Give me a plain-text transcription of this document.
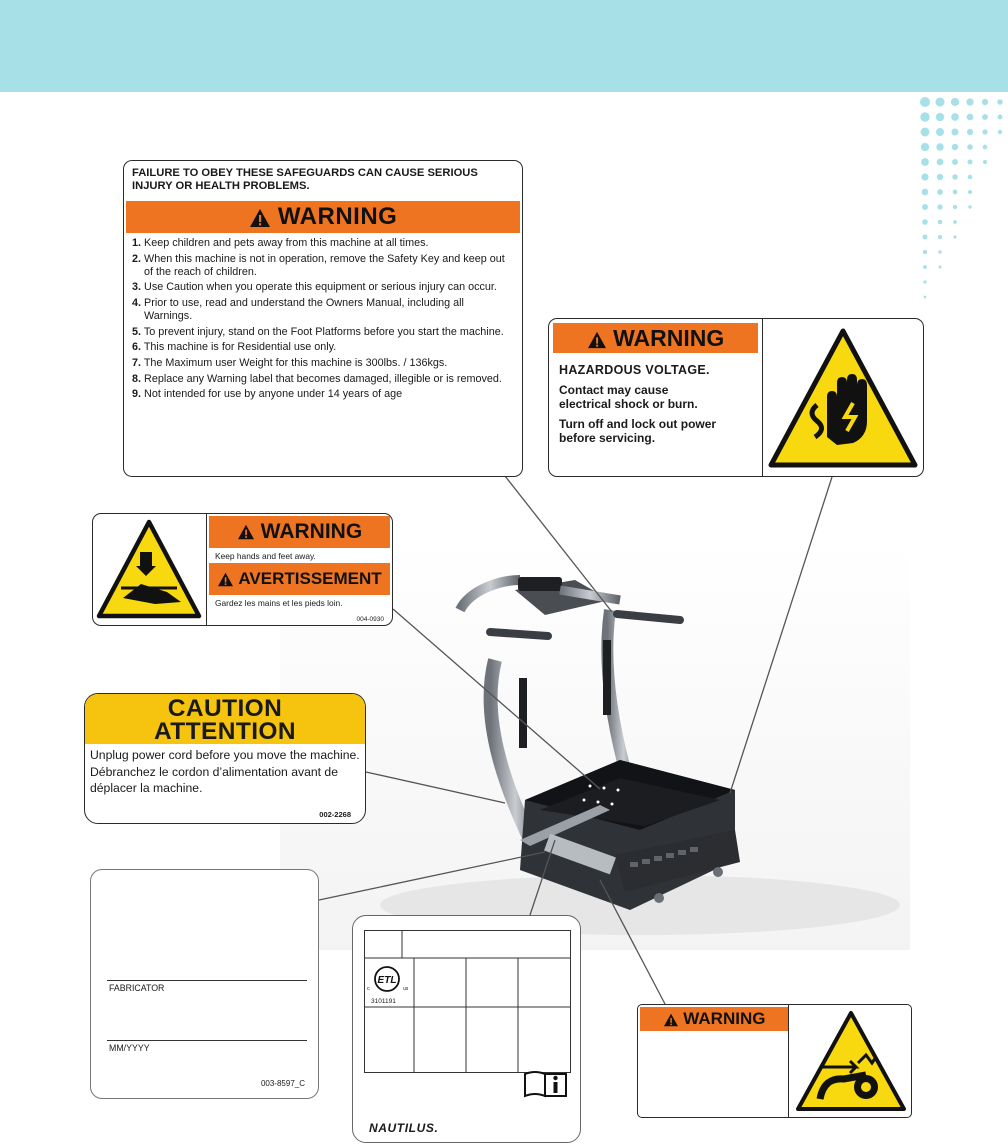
FAILURE TO OBEY THESE SAFEGUARDS CAN CAUSE SERIOUS INJURY OR HEALTH PROBLEMS.
WARNING
1. Keep children and pets away from this machine at all times.
2. When this machine is not in operation, remove the Safety Key and keep out of the reach of children.
3. Use Caution when you operate this equipment or serious injury can occur.
4. Prior to use, read and understand the Owners Manual, including all Warnings.
5. To prevent injury, stand on the Foot Platforms before you start the machine.
6. This machine is for Residential use only.
7. The Maximum user Weight for this machine is 300lbs. / 136kgs.
8. Replace any Warning label that becomes damaged, illegible or is removed.
9. Not intended for use by anyone under 14 years of age
WARNING
HAZARDOUS VOLTAGE.
Contact may cause electrical shock or burn.
Turn off and lock out power before servicing.
WARNING
Keep hands and feet away.
AVERTISSEMENT
Gardez les mains et les pieds loin.
004-0930
CAUTION
ATTENTION
Unplug power cord before you move the machine.
Débranchez le cordon d’alimentation avant de déplacer la machine.
002-2268
FABRICATOR
MM/YYYY
003-8597_C
ETL
c	us
3101191
NAUTILUS.
WARNING
